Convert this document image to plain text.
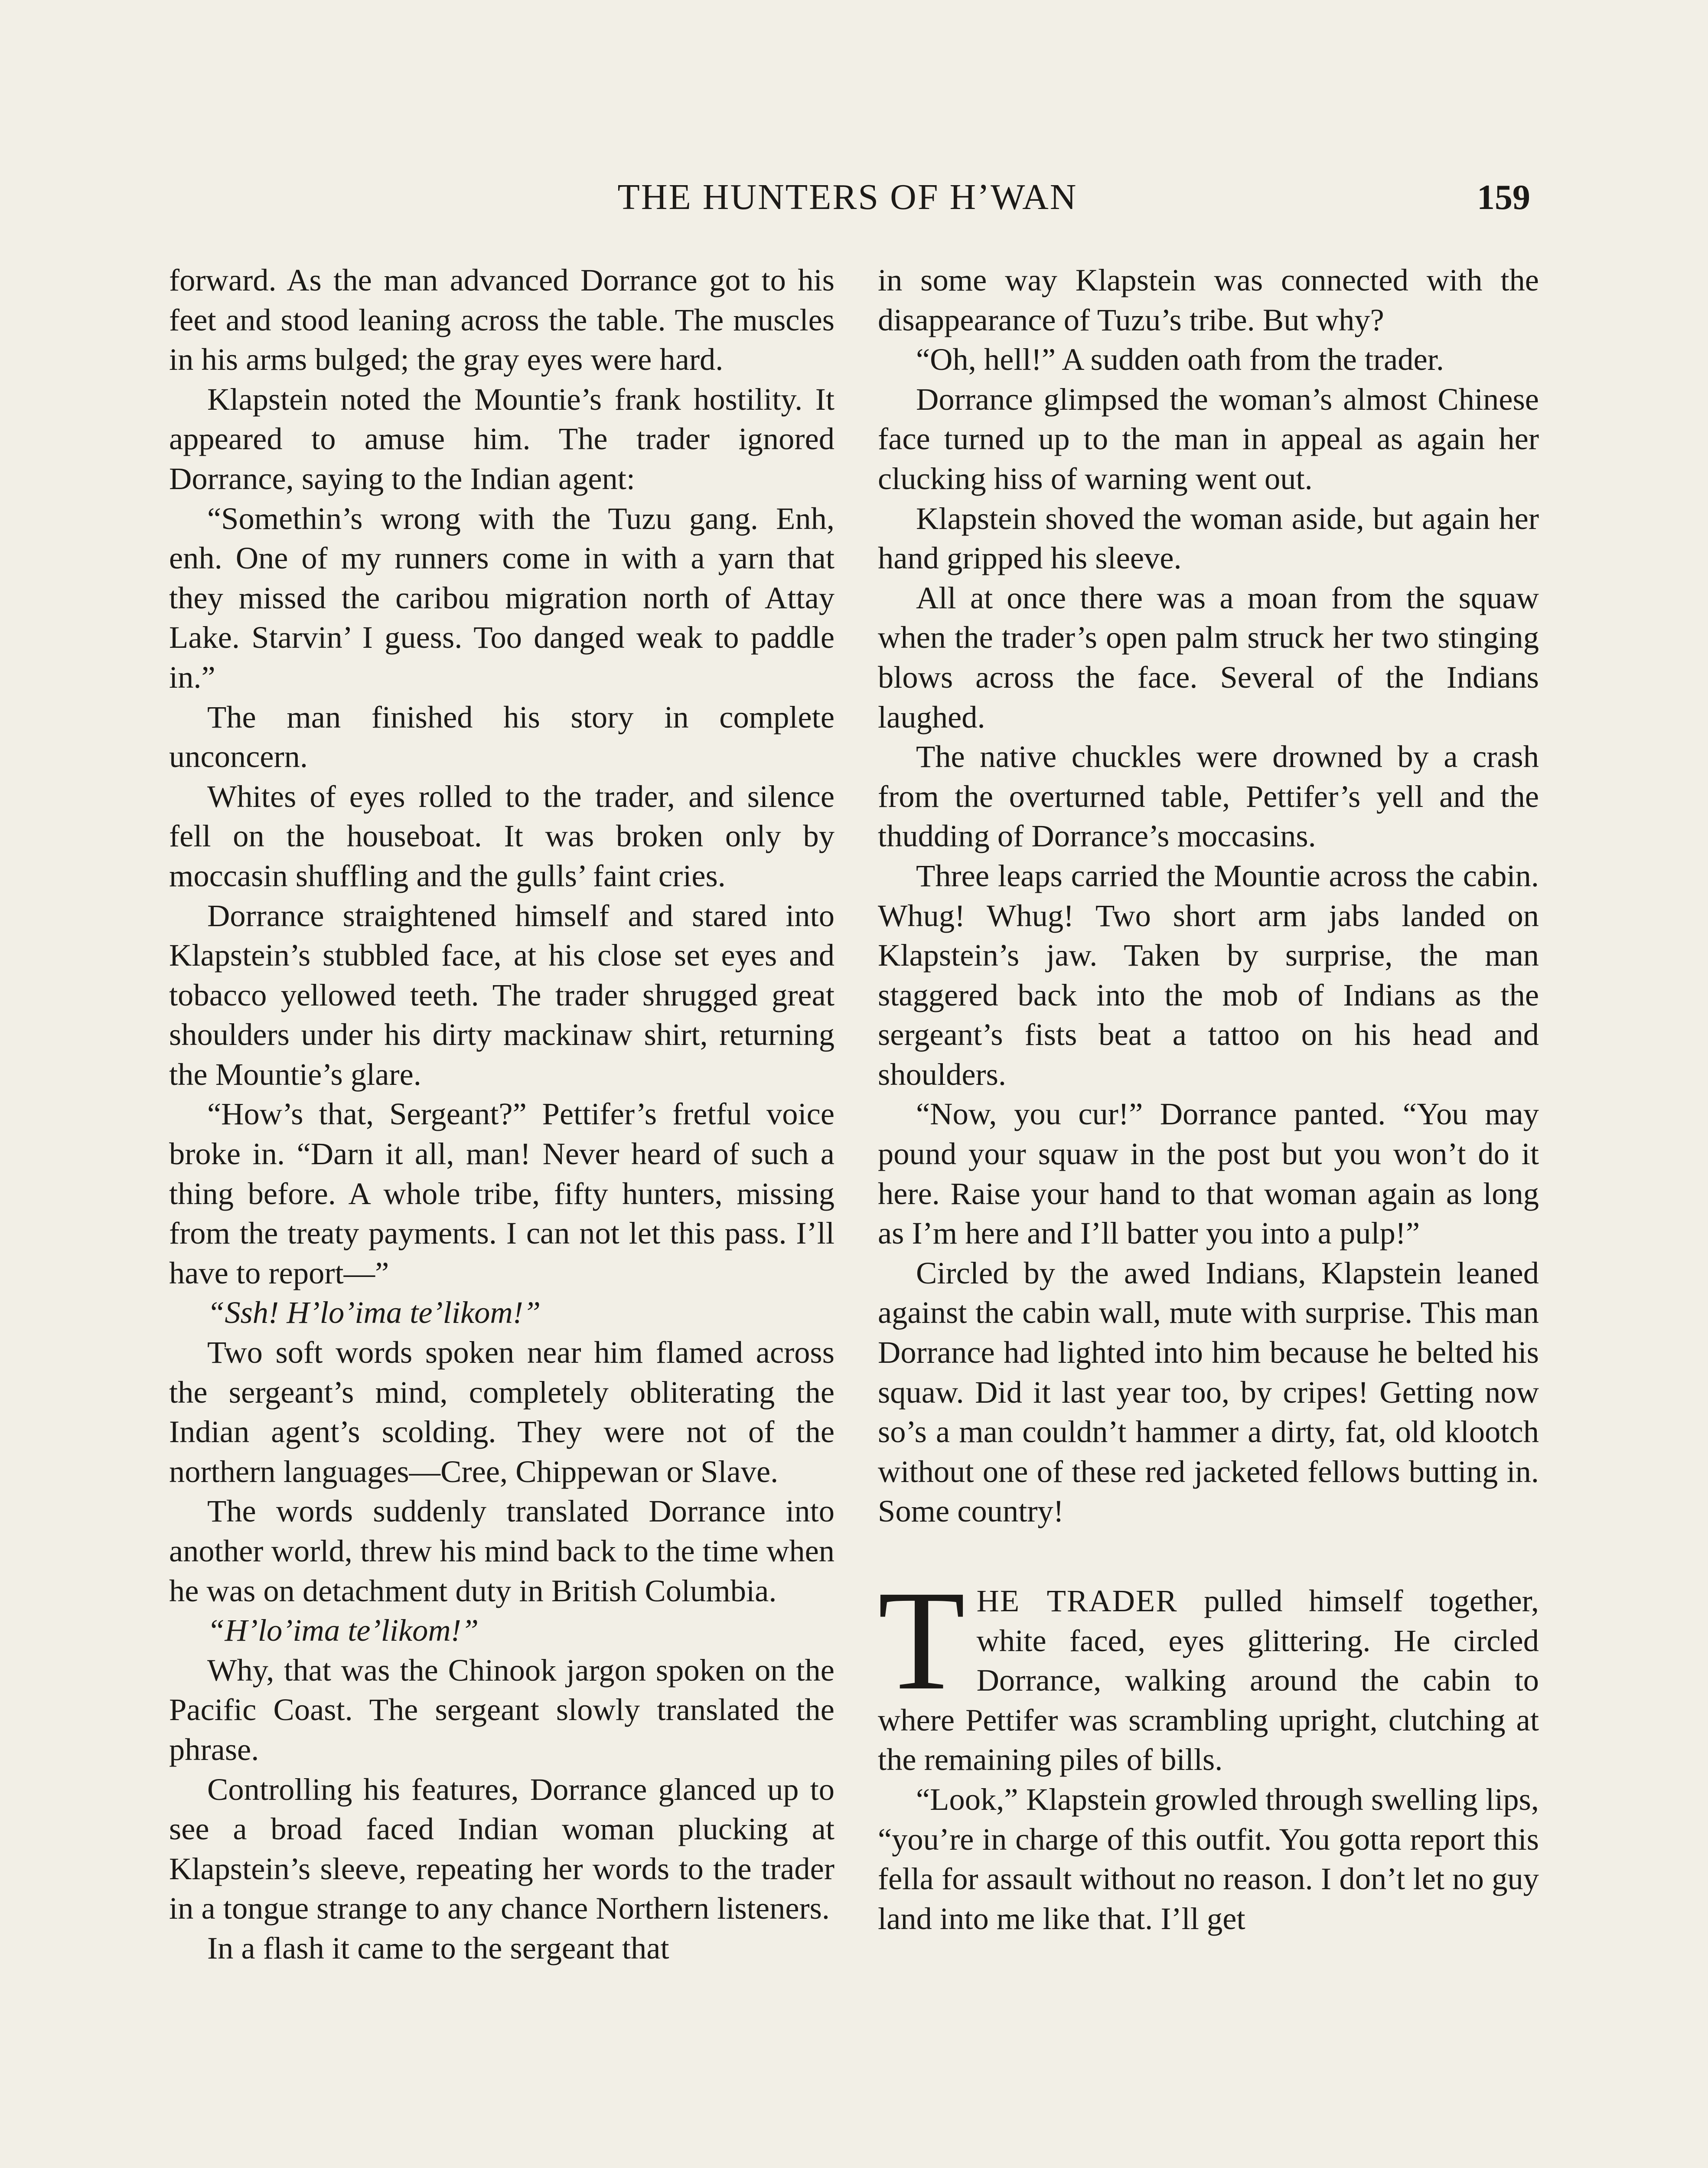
THE HUNTERS OF H’WAN	159

forward. As the man advanced Dorrance got to his feet and stood leaning across the table. The muscles in his arms bulged; the gray eyes were hard.

Klapstein noted the Mountie’s frank hostility. It appeared to amuse him. The trader ignored Dorrance, saying to the Indian agent:

“Somethin’s wrong with the Tuzu gang. Enh, enh. One of my runners come in with a yarn that they missed the caribou migration north of Attay Lake. Starvin’ I guess. Too danged weak to paddle in.”

The man finished his story in complete unconcern.

Whites of eyes rolled to the trader, and silence fell on the houseboat. It was broken only by moccasin shuffling and the gulls’ faint cries.

Dorrance straightened himself and stared into Klapstein’s stubbled face, at his close set eyes and tobacco yellowed teeth. The trader shrugged great shoulders under his dirty mackinaw shirt, returning the Mountie’s glare.

“How’s that, Sergeant?” Pettifer’s fretful voice broke in. “Darn it all, man! Never heard of such a thing before. A whole tribe, fifty hunters, missing from the treaty payments. I can not let this pass. I’ll have to report—”

“Ssh! H’lo’ima te’likom!”

Two soft words spoken near him flamed across the sergeant’s mind, completely obliterating the Indian agent’s scolding. They were not of the northern languages—Cree, Chippewan or Slave.

The words suddenly translated Dorrance into another world, threw his mind back to the time when he was on detachment duty in British Columbia.

“H’lo’ima te’likom!”

Why, that was the Chinook jargon spoken on the Pacific Coast. The sergeant slowly translated the phrase.

Controlling his features, Dorrance glanced up to see a broad faced Indian woman plucking at Klapstein’s sleeve, repeating her words to the trader in a tongue strange to any chance Northern listeners.

In a flash it came to the sergeant that

in some way Klapstein was connected with the disappearance of Tuzu’s tribe. But why?

“Oh, hell!” A sudden oath from the trader.

Dorrance glimpsed the woman’s almost Chinese face turned up to the man in appeal as again her clucking hiss of warning went out.

Klapstein shoved the woman aside, but again her hand gripped his sleeve.

All at once there was a moan from the squaw when the trader’s open palm struck her two stinging blows across the face. Several of the Indians laughed.

The native chuckles were drowned by a crash from the overturned table, Pettifer’s yell and the thudding of Dorrance’s moccasins.

Three leaps carried the Mountie across the cabin. Whug! Whug! Two short arm jabs landed on Klapstein’s jaw. Taken by surprise, the man staggered back into the mob of Indians as the sergeant’s fists beat a tattoo on his head and shoulders.

“Now, you cur!” Dorrance panted. “You may pound your squaw in the post but you won’t do it here. Raise your hand to that woman again as long as I’m here and I’ll batter you into a pulp!”

Circled by the awed Indians, Klapstein leaned against the cabin wall, mute with surprise. This man Dorrance had lighted into him because he belted his squaw. Did it last year too, by cripes! Getting now so’s a man couldn’t hammer a dirty, fat, old klootch without one of these red jacketed fellows butting in. Some country!

THE TRADER pulled himself together, white faced, eyes glittering. He circled Dorrance, walking around the cabin to where Pettifer was scrambling upright, clutching at the remaining piles of bills.

“Look,” Klapstein growled through swelling lips, “you’re in charge of this outfit. You gotta report this fella for assault without no reason. I don’t let no guy land into me like that. I’ll get
